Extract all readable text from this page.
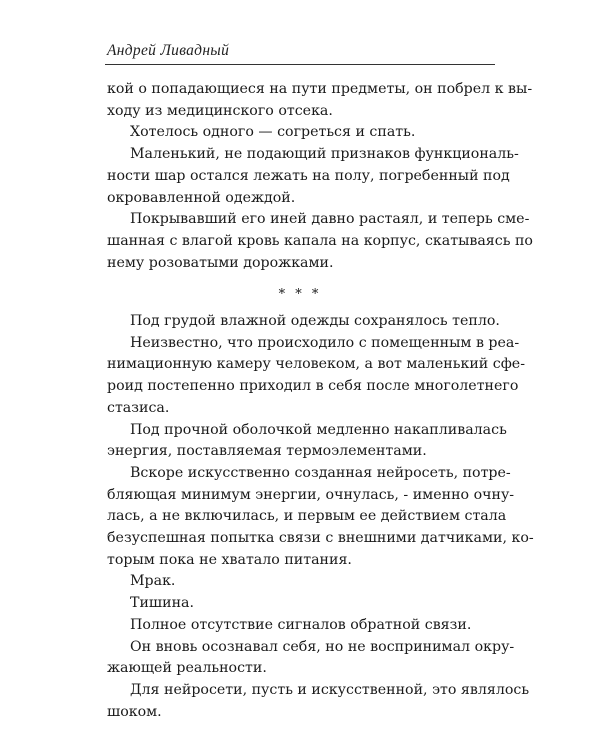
Андрей Ливадный

кой о попадающиеся на пути предметы, он побрел к вы-
ходу из медицинского отсека.

Хотелось одного — согреться и спать.

Маленький, не подающий признаков функциональ-
ности шар остался лежать на полу, погребенный под
окровавленной одеждой.

Покрывавший его иней давно растаял, и теперь сме-
шанная с влагой кровь капала на корпус, скатываясь по
нему розоватыми дорожками.

* * *

Под грудой влажной одежды сохранялось тепло.

Неизвестно, что происходило с помещенным в реа-
нимационную камеру человеком, а вот маленький сфе-
роид постепенно приходил в себя после многолетнего
стазиса.

Под прочной оболочкой медленно накапливалась
энергия, поставляемая термоэлементами.

Вскоре искусственно созданная нейросеть, потре-
бляющая минимум энергии, очнулась, - именно очну-
лась, а не включилась, и первым ее действием стала
безуспешная попытка связи с внешними датчиками, ко-
торым пока не хватало питания.

Мрак.

Тишина.

Полное отсутствие сигналов обратной связи.

Он вновь осознавал себя, но не воспринимал окру-
жающей реальности.

Для нейросети, пусть и искусственной, это являлось
шоком.
